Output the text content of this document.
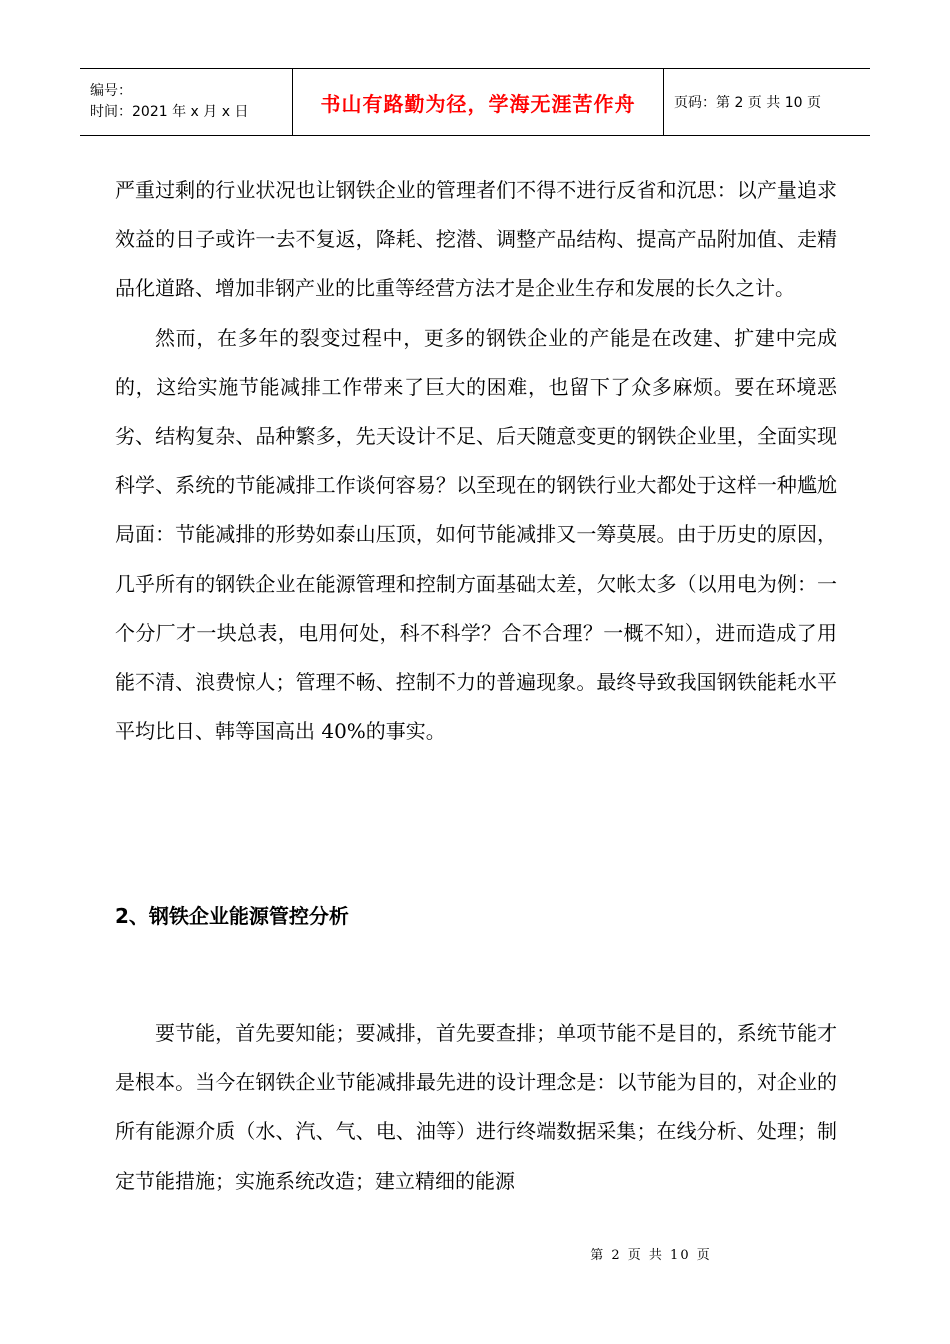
编号：
时间：2021 年 x 月 x 日	书山有路勤为径，学海无涯苦作舟	页码：第 2 页 共 10 页

严重过剩的行业状况也让钢铁企业的管理者们不得不进行反省和沉思：以产量追求效益的日子或许一去不复返，降耗、挖潜、调整产品结构、提高产品附加值、走精品化道路、增加非钢产业的比重等经营方法才是企业生存和发展的长久之计。

然而，在多年的裂变过程中，更多的钢铁企业的产能是在改建、扩建中完成的，这给实施节能减排工作带来了巨大的困难，也留下了众多麻烦。要在环境恶劣、结构复杂、品种繁多，先天设计不足、后天随意变更的钢铁企业里，全面实现科学、系统的节能减排工作谈何容易？以至现在的钢铁行业大都处于这样一种尴尬局面：节能减排的形势如泰山压顶，如何节能减排又一筹莫展。由于历史的原因，几乎所有的钢铁企业在能源管理和控制方面基础太差，欠帐太多（以用电为例：一个分厂才一块总表，电用何处，科不科学？合不合理？一概不知），进而造成了用能不清、浪费惊人；管理不畅、控制不力的普遍现象。最终导致我国钢铁能耗水平平均比日、韩等国高出 40%的事实。

2、钢铁企业能源管控分析

要节能，首先要知能；要减排，首先要查排；单项节能不是目的，系统节能才是根本。当今在钢铁企业节能减排最先进的设计理念是：以节能为目的，对企业的所有能源介质（水、汽、气、电、油等）进行终端数据采集；在线分析、处理；制定节能措施；实施系统改造；建立精细的能源

第 2 页 共 10 页
